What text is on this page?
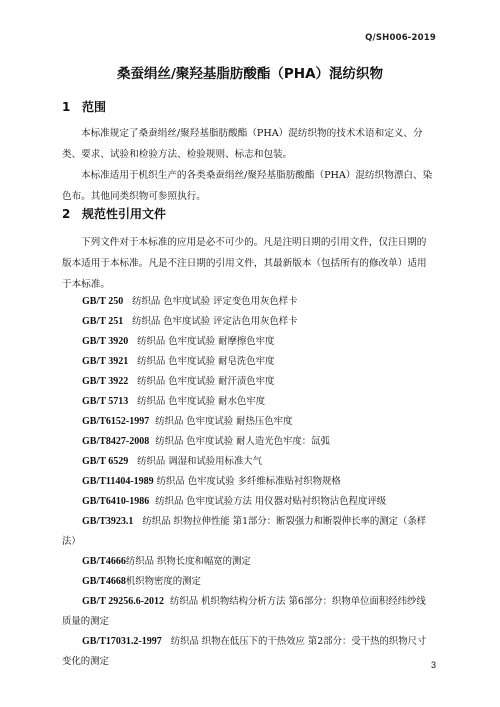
Q/SH006-2019
桑蚕绢丝/聚羟基脂肪酸酯（PHA）混纺织物
1 范围

本标准规定了桑蚕绢丝/聚羟基脂肪酸酯（PHA）混纺织物的技术术语和定义、分类、要求、试验和检验方法、检验规则、标志和包装。

本标准适用于机织生产的各类桑蚕绢丝/聚羟基脂肪酸酯（PHA）混纺织物漂白、染色布。其他同类织物可参照执行。

2 规范性引用文件

下列文件对于本标准的应用是必不可少的。凡是注明日期的引用文件，仅注日期的版本适用于本标准。凡是不注日期的引用文件，其最新版本（包括所有的修改单）适用于本标准。

GB/T 250 纺织品 色牢度试验 评定变色用灰色样卡
GB/T 251 纺织品 色牢度试验 评定沾色用灰色样卡
GB/T 3920 纺织品 色牢度试验 耐摩擦色牢度
GB/T 3921 纺织品 色牢度试验 耐皂洗色牢度
GB/T 3922 纺织品 色牢度试验 耐汗渍色牢度
GB/T 5713 纺织品 色牢度试验 耐水色牢度
GB/T6152-1997 纺织品 色牢度试验 耐热压色牢度
GB/T8427-2008 纺织品 色牢度试验 耐人造光色牢度：氙弧
GB/T 6529 纺织品 调湿和试验用标准大气
GB/T11404-1989 纺织品 色牢度试验 多纤维标准贴衬织物规格
GB/T6410-1986 纺织品 色牢度试验方法 用仪器对贴衬织物沾色程度评级
GB/T3923.1 纺织品 织物拉伸性能 第1部分：断裂强力和断裂伸长率的测定（条样法）
GB/T4666纺织品 织物长度和幅宽的测定
GB/T4668机织物密度的测定
GB/T 29256.6-2012 纺织品 机织物结构分析方法 第6部分：织物单位面积经纬纱线质量的测定
GB/T17031.2-1997 纺织品 织物在低压下的干热效应 第2部分：受干热的织物尺寸变化的测定	3
